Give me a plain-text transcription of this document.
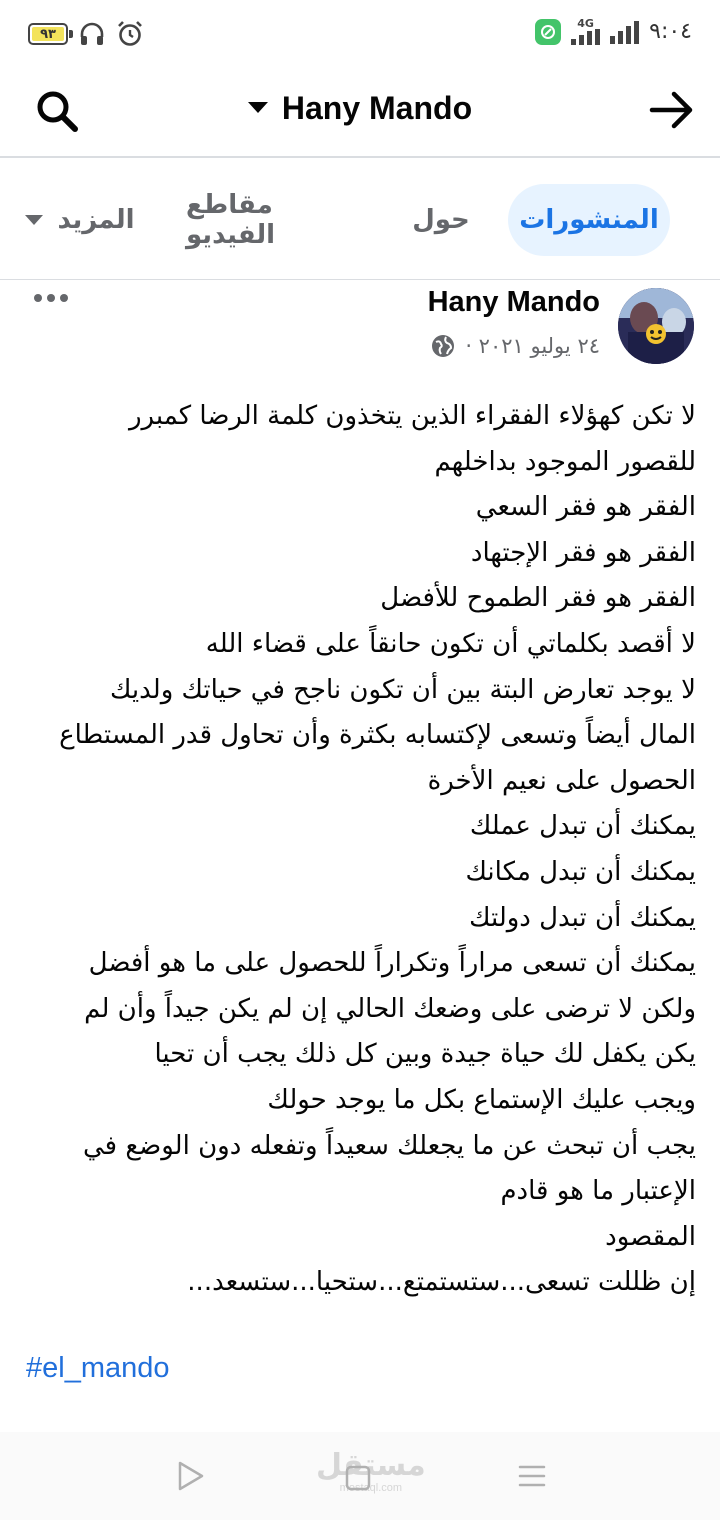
٩٣
4G	٩:٠٤
Hany Mando
المنشورات
حول
مقاطع الفيديو
المزيد
Hany Mando
٢٤ يوليو ٢٠٢١ ·
لا تكن كهؤلاء الفقراء الذين يتخذون كلمة الرضا كمبرر
للقصور الموجود بداخلهم
الفقر هو فقر السعي
الفقر هو فقر الإجتهاد
الفقر هو فقر الطموح للأفضل
لا أقصد بكلماتي أن تكون حانقاً على قضاء الله
لا يوجد تعارض البتة بين أن تكون ناجح في حياتك ولديك
المال أيضاً وتسعى لإكتسابه بكثرة وأن تحاول قدر المستطاع
الحصول على نعيم الأخرة
يمكنك أن تبدل عملك
يمكنك أن تبدل مكانك
يمكنك أن تبدل دولتك
يمكنك أن تسعى مراراً وتكراراً للحصول على ما هو أفضل
ولكن لا ترضى على وضعك الحالي إن لم يكن جيداً وأن لم
يكن يكفل لك حياة جيدة وبين كل ذلك يجب أن تحيا
ويجب عليك الإستماع بكل ما يوجد حولك
يجب أن تبحث عن ما يجعلك سعيداً وتفعله دون الوضع في
الإعتبار ما هو قادم
المقصود
إن ظللت تسعى...ستستمتع...ستحيا...ستسعد...
#el_mando
مستقل
mostaql.com
